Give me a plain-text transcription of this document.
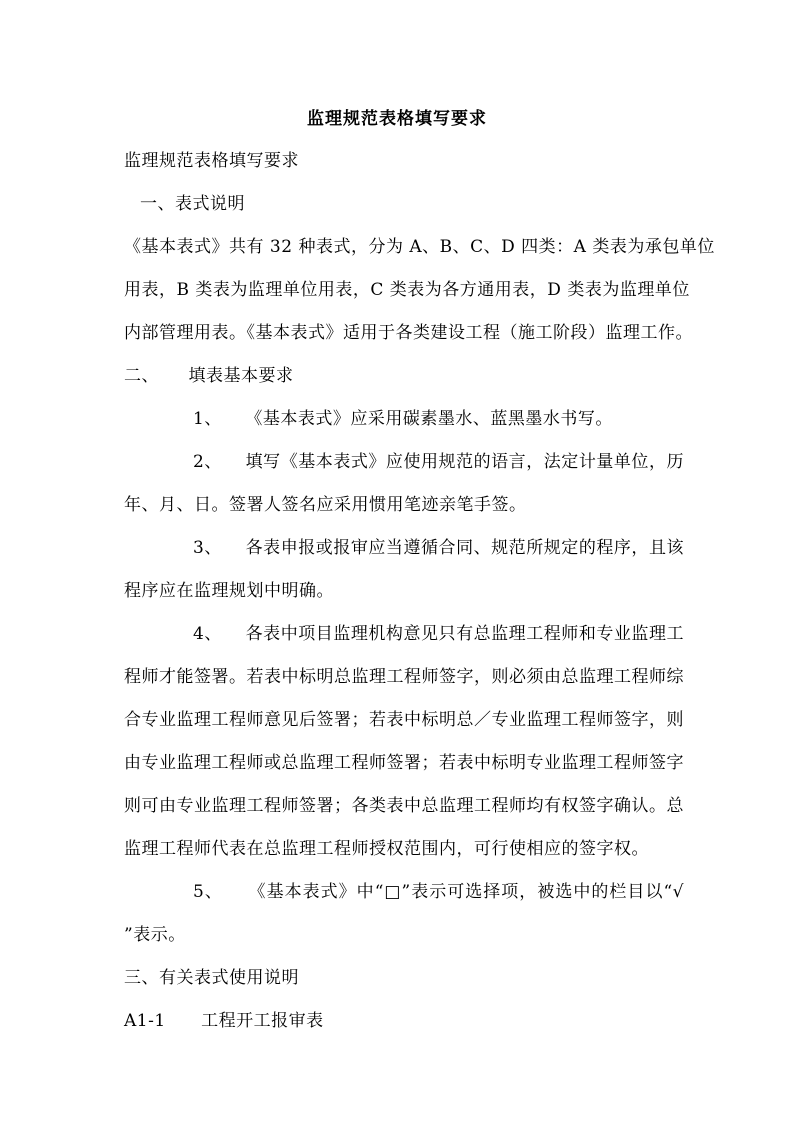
监理规范表格填写要求
监理规范表格填写要求
一、表式说明
《基本表式》共有 32 种表式，分为 A、B、C、D 四类：A 类表为承包单位
用表，B 类表为监理单位用表，C 类表为各方通用表，D 类表为监理单位
内部管理用表。《基本表式》适用于各类建设工程（施工阶段）监理工作。
二、     填表基本要求
1、    《基本表式》应采用碳素墨水、蓝黑墨水书写。
2、    填写《基本表式》应使用规范的语言，法定计量单位，历
年、月、日。签署人签名应采用惯用笔迹亲笔手签。
3、    各表申报或报审应当遵循合同、规范所规定的程序，且该
程序应在监理规划中明确。
4、    各表中项目监理机构意见只有总监理工程师和专业监理工
程师才能签署。若表中标明总监理工程师签字，则必须由总监理工程师综
合专业监理工程师意见后签署；若表中标明总／专业监理工程师签字，则
由专业监理工程师或总监理工程师签署；若表中标明专业监理工程师签字
则可由专业监理工程师签署；各类表中总监理工程师均有权签字确认。总
监理工程师代表在总监理工程师授权范围内，可行使相应的签字权。
5、    《基本表式》中“□”表示可选择项，被选中的栏目以“√
”表示。
三、有关表式使用说明
A1-1      工程开工报审表
